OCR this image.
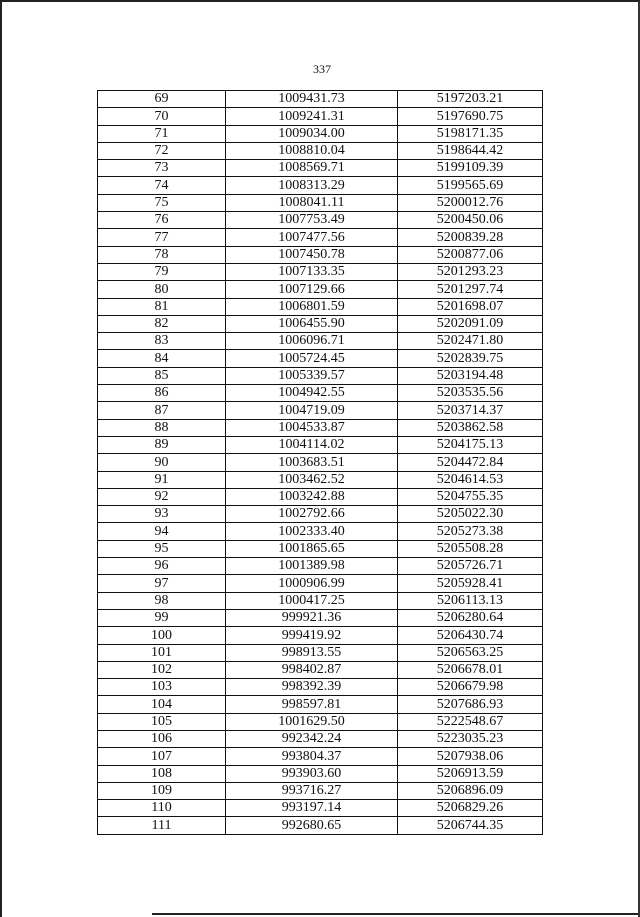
337
69	1009431.73	5197203.21
70	1009241.31	5197690.75
71	1009034.00	5198171.35
72	1008810.04	5198644.42
73	1008569.71	5199109.39
74	1008313.29	5199565.69
75	1008041.11	5200012.76
76	1007753.49	5200450.06
77	1007477.56	5200839.28
78	1007450.78	5200877.06
79	1007133.35	5201293.23
80	1007129.66	5201297.74
81	1006801.59	5201698.07
82	1006455.90	5202091.09
83	1006096.71	5202471.80
84	1005724.45	5202839.75
85	1005339.57	5203194.48
86	1004942.55	5203535.56
87	1004719.09	5203714.37
88	1004533.87	5203862.58
89	1004114.02	5204175.13
90	1003683.51	5204472.84
91	1003462.52	5204614.53
92	1003242.88	5204755.35
93	1002792.66	5205022.30
94	1002333.40	5205273.38
95	1001865.65	5205508.28
96	1001389.98	5205726.71
97	1000906.99	5205928.41
98	1000417.25	5206113.13
99	999921.36	5206280.64
100	999419.92	5206430.74
101	998913.55	5206563.25
102	998402.87	5206678.01
103	998392.39	5206679.98
104	998597.81	5207686.93
105	1001629.50	5222548.67
106	992342.24	5223035.23
107	993804.37	5207938.06
108	993903.60	5206913.59
109	993716.27	5206896.09
110	993197.14	5206829.26
111	992680.65	5206744.35
